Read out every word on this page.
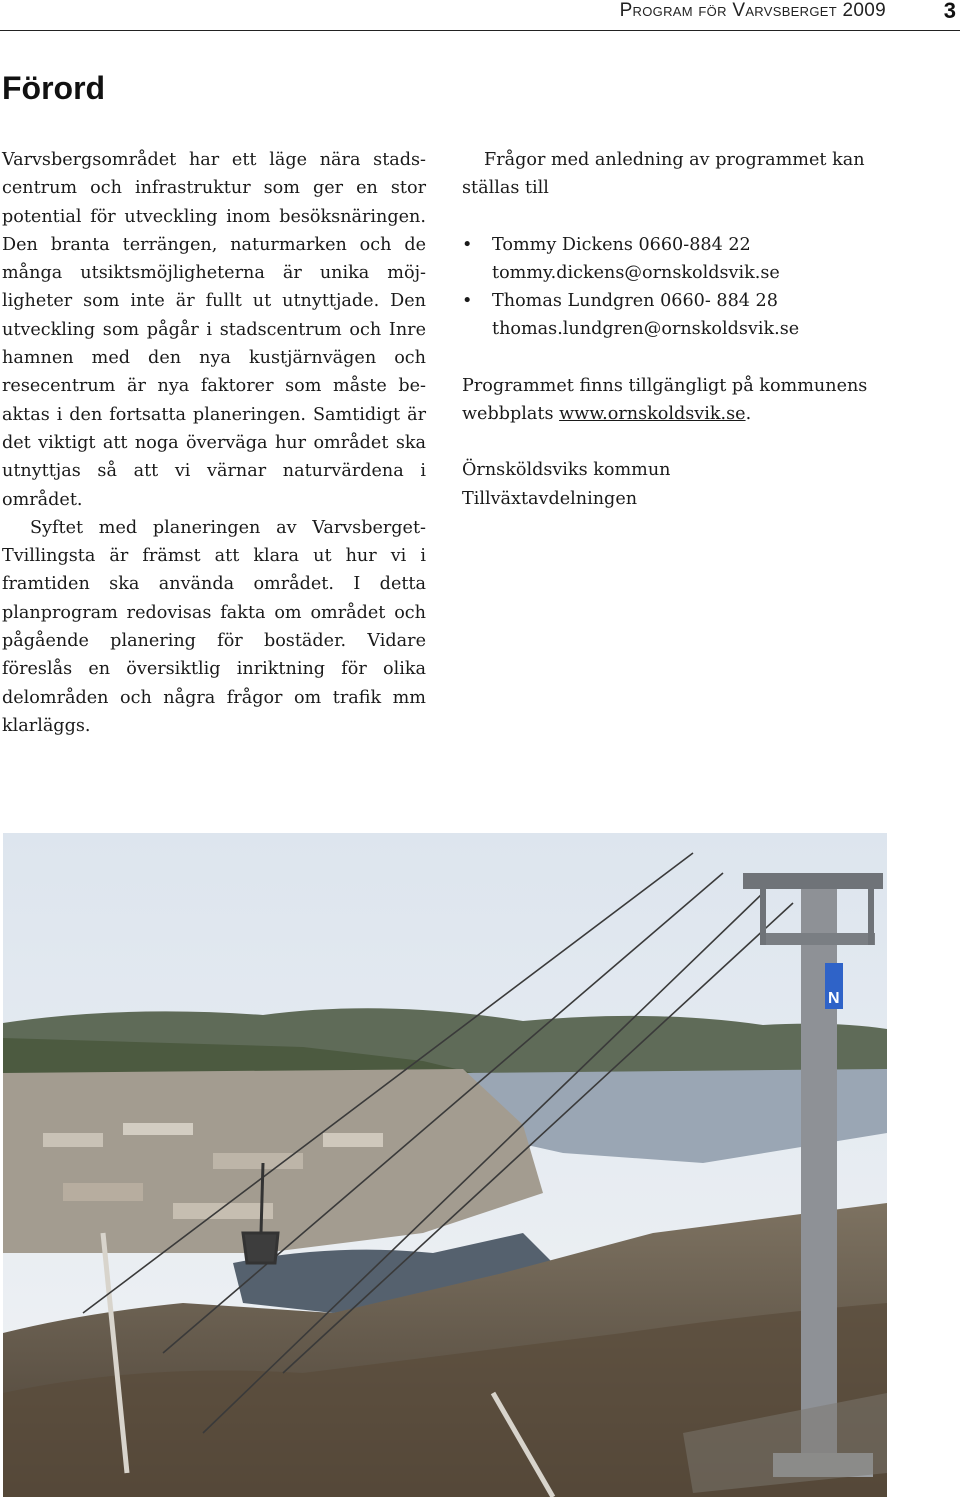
Program för Varvsberget 2009	3
Förord

Varvsbergsområdet har ett läge nära stads- centrum och infrastruktur som ger en stor potential för utveckling inom besöksnäringen. Den branta terrängen, naturmarken och de många utsiktsmöjligheterna är unika möj- ligheter som inte är fullt ut utnyttjade. Den utveckling som pågår i stadscentrum och Inre hamnen med den nya kustjärnvägen och resecentrum är nya faktorer som måste be- aktas i den fortsatta planeringen. Samtidigt är det viktigt att noga överväga hur området ska utnyttjas så att vi värnar naturvärdena i området.

Syftet med planeringen av Varvsberget- Tvillingsta är främst att klara ut hur vi i framtiden ska använda området. I detta planprogram redovisas fakta om området och pågående planering för bostäder. Vidare föreslås en översiktlig inriktning för olika delområden och några frågor om trafik mm klarläggs.

Frågor med anledning av programmet kan
ställas till

• Tommy Dickens 0660-884 22
tommy.dickens@ornskoldsvik.se
• Thomas Lundgren 0660- 884 28
thomas.lundgren@ornskoldsvik.se

Programmet finns tillgängligt på kommunens
webbplats www.ornskoldsvik.se.

Örnsköldsviks kommun
Tillväxtavdelningen

N
